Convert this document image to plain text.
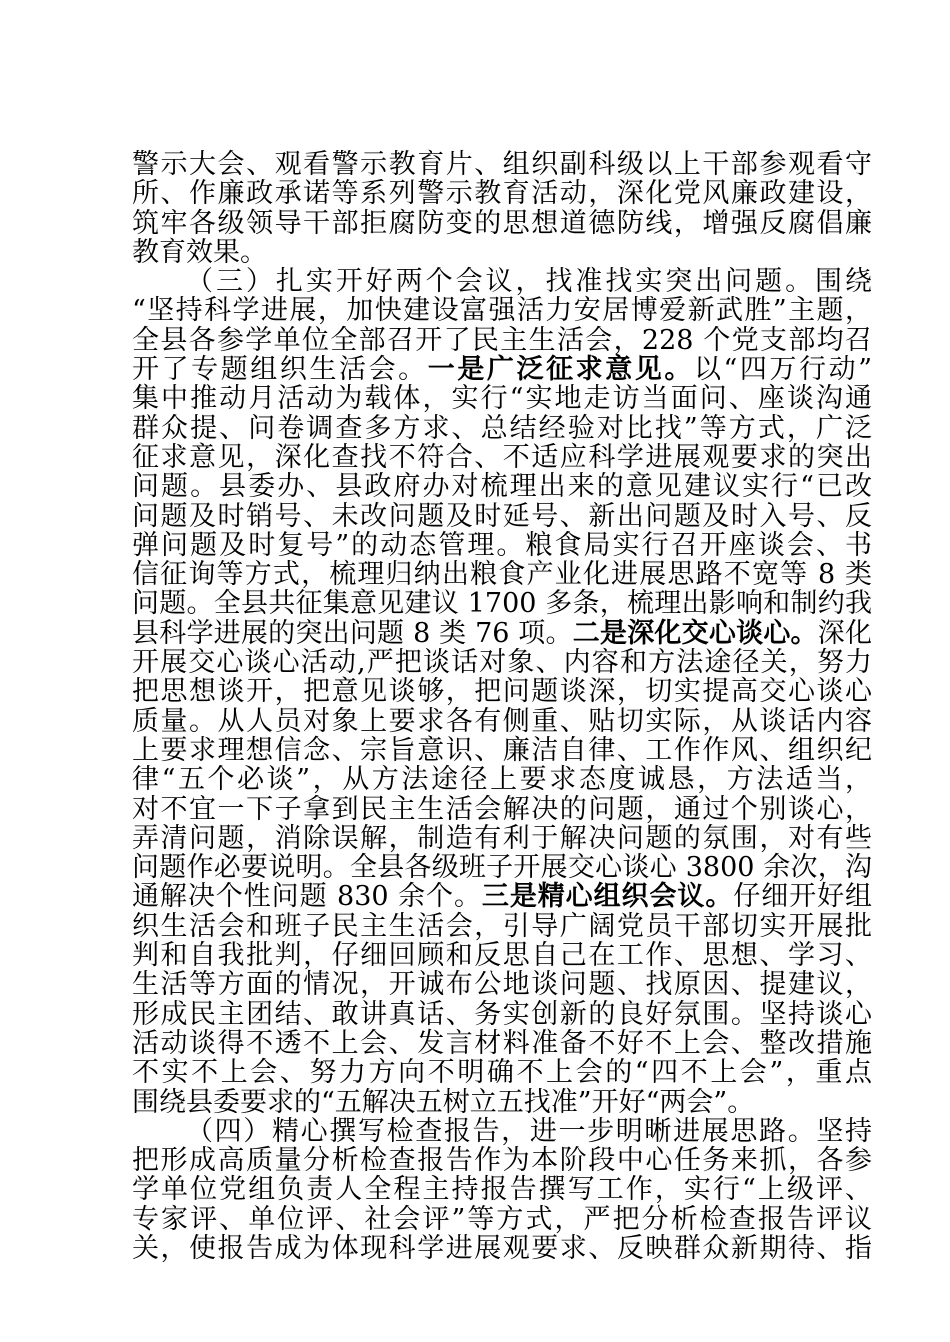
警示大会、观看警示教育片、组织副科级以上干部参观看守
所、作廉政承诺等系列警示教育活动，深化党风廉政建设，
筑牢各级领导干部拒腐防变的思想道德防线，增强反腐倡廉
教育效果。
（三）扎实开好两个会议，找准找实突出问题。围绕
“坚持科学进展，加快建设富强活力安居博爱新武胜”主题，
全县各参学单位全部召开了民主生活会，228 个党支部均召
开了专题组织生活会。一是广泛征求意见。以“四万行动”
集中推动月活动为载体，实行“实地走访当面问、座谈沟通
群众提、问卷调查多方求、总结经验对比找”等方式，广泛
征求意见，深化查找不符合、不适应科学进展观要求的突出
问题。县委办、县政府办对梳理出来的意见建议实行“已改
问题及时销号、未改问题及时延号、新出问题及时入号、反
弹问题及时复号”的动态管理。粮食局实行召开座谈会、书
信征询等方式，梳理归纳出粮食产业化进展思路不宽等 8 类
问题。全县共征集意见建议 1700 多条，梳理出影响和制约我
县科学进展的突出问题 8 类 76 项。二是深化交心谈心。深化
开展交心谈心活动,严把谈话对象、内容和方法途径关，努力
把思想谈开，把意见谈够，把问题谈深，切实提高交心谈心
质量。从人员对象上要求各有侧重、贴切实际，从谈话内容
上要求理想信念、宗旨意识、廉洁自律、工作作风、组织纪
律“五个必谈”，从方法途径上要求态度诚恳，方法适当，
对不宜一下子拿到民主生活会解决的问题，通过个别谈心，
弄清问题，消除误解，制造有利于解决问题的氛围，对有些
问题作必要说明。全县各级班子开展交心谈心 3800 余次，沟
通解决个性问题 830 余个。三是精心组织会议。仔细开好组
织生活会和班子民主生活会，引导广阔党员干部切实开展批
判和自我批判，仔细回顾和反思自己在工作、思想、学习、
生活等方面的情况，开诚布公地谈问题、找原因、提建议，
形成民主团结、敢讲真话、务实创新的良好氛围。坚持谈心
活动谈得不透不上会、发言材料准备不好不上会、整改措施
不实不上会、努力方向不明确不上会的“四不上会”，重点
围绕县委要求的“五解决五树立五找准”开好“两会”。
（四）精心撰写检查报告，进一步明晰进展思路。坚持
把形成高质量分析检查报告作为本阶段中心任务来抓，各参
学单位党组负责人全程主持报告撰写工作，实行“上级评、
专家评、单位评、社会评”等方式，严把分析检查报告评议
关，使报告成为体现科学进展观要求、反映群众新期待、指
